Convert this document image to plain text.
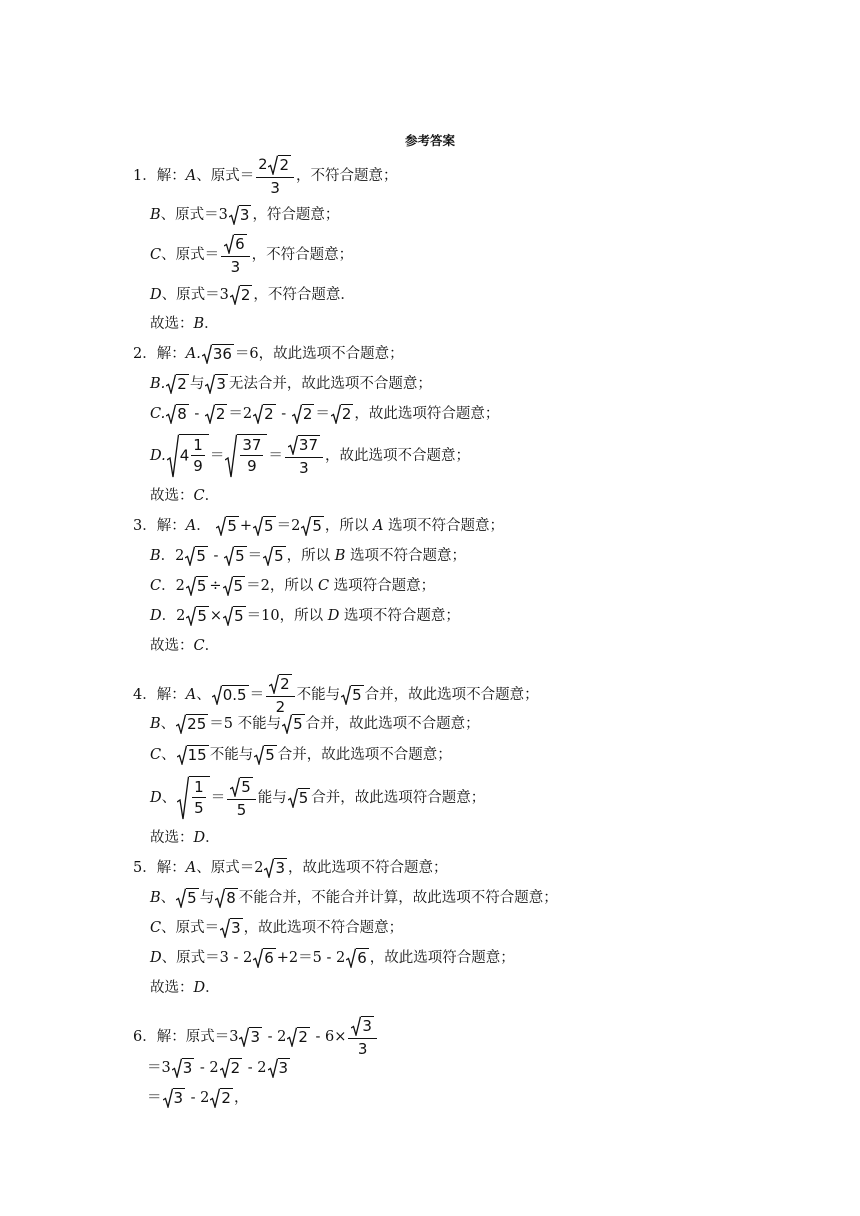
参考答案
1．解：A、原式＝ $\frac{2 2}{3}$ ，不符合题意；
B、原式＝3 3 ，符合题意；
C、原式＝ $\frac{6}{3}$ ，不符合题意；
D、原式＝3 2 ，不符合题意．
故选：B．
2．解：A. 36 ＝6，故此选项不合题意；
B. 2 与 3 无法合并，故此选项不合题意；
C. 8 - 2 ＝2 2 - 2 ＝ 2 ，故此选项符合题意；
D. $4 \frac{1}{9} = \frac{37}{9} = \frac{37}{3}$ ，故此选项不合题意；
故选：C．
3．解：A． 5 + 5 ＝2 5 ，所以 A 选项不符合题意；
B．2 5 - 5 ＝ 5 ，所以 B 选项不符合题意；
C．2 5 ÷ 5 ＝2，所以 C 选项符合题意；
D．2 5 × 5 ＝10，所以 D 选项不符合题意；
故选：C．
4．解：A、 $0.5 = \frac{2}{2}$ 不能与 5 合并，故此选项不合题意；
B、 25 ＝5 不能与 5 合并，故此选项不合题意；
C、 15 不能与 5 合并，故此选项不合题意；
D、 $\frac{1}{5} = \frac{5}{5}$ 能与 5 合并，故此选项符合题意；
故选：D．
5．解：A、原式＝2 3 ，故此选项不符合题意；
B、 5 与 8 不能合并，不能合并计算，故此选项不符合题意；
C、原式＝ 3 ，故此选项不符合题意；
D、原式＝3 - 2 6 +2＝5 - 2 6 ，故此选项符合题意；
故选：D．
6．解：原式＝3 3 - 2 $2 - 6\times \frac{3}{3}$
＝3 3 - 2 2 - 2 3
＝ 3 - 2 2 ，
